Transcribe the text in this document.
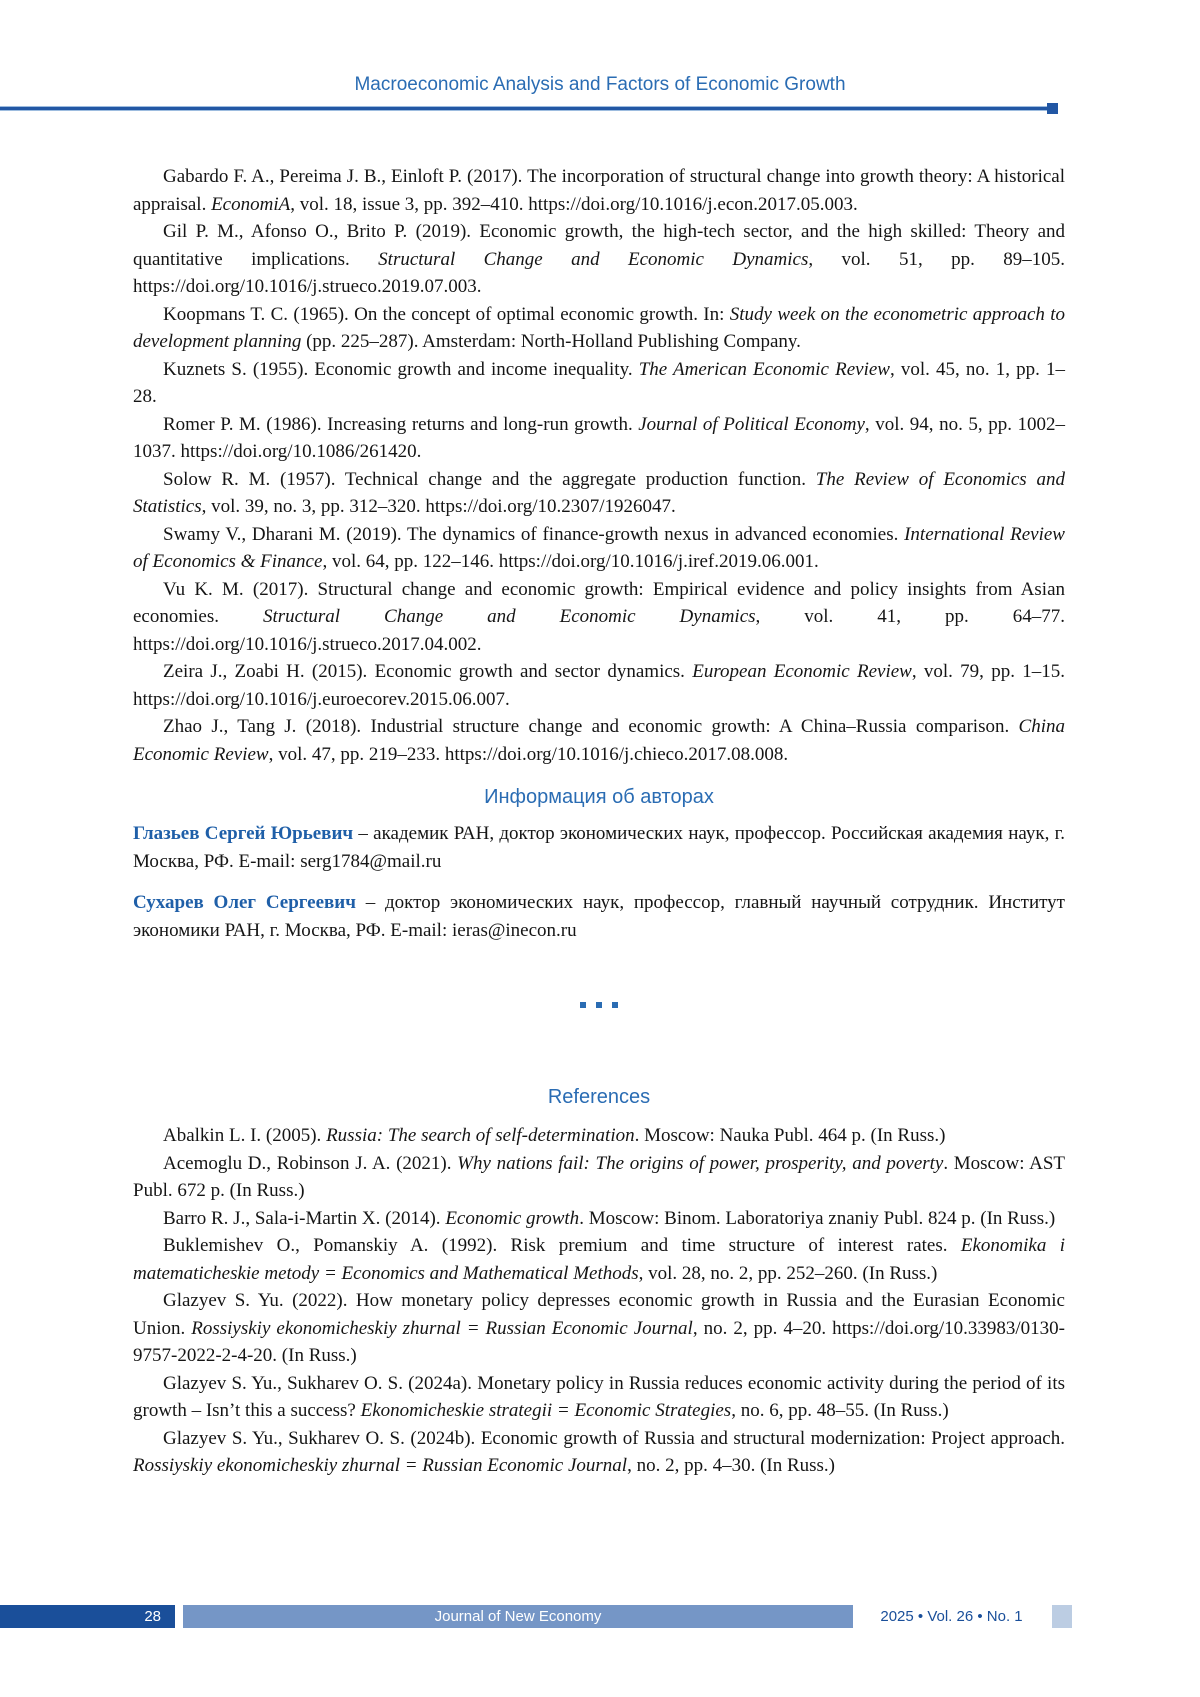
Macroeconomic Analysis and Factors of Economic Growth

Gabardo F. A., Pereima J. B., Einloft P. (2017). The incorporation of structural change into growth theory: A historical appraisal. EconomiA, vol. 18, issue 3, pp. 392–410. https://doi.org/10.1016/j.econ.2017.05.003.

Gil P. M., Afonso O., Brito P. (2019). Economic growth, the high-tech sector, and the high skilled: Theory and quantitative implications. Structural Change and Economic Dynamics, vol. 51, pp. 89–105. https://doi.org/10.1016/j.strueco.2019.07.003.

Koopmans T. C. (1965). On the concept of optimal economic growth. In: Study week on the econometric approach to development planning (pp. 225–287). Amsterdam: North-Holland Publishing Company.

Kuznets S. (1955). Economic growth and income inequality. The American Economic Review, vol. 45, no. 1, pp. 1–28.

Romer P. M. (1986). Increasing returns and long-run growth. Journal of Political Economy, vol. 94, no. 5, pp. 1002–1037. https://doi.org/10.1086/261420.

Solow R. M. (1957). Technical change and the aggregate production function. The Review of Economics and Statistics, vol. 39, no. 3, pp. 312–320. https://doi.org/10.2307/1926047.

Swamy V., Dharani M. (2019). The dynamics of finance-growth nexus in advanced economies. International Review of Economics & Finance, vol. 64, pp. 122–146. https://doi.org/10.1016/j.iref.2019.06.001.

Vu K. M. (2017). Structural change and economic growth: Empirical evidence and policy insights from Asian economies. Structural Change and Economic Dynamics, vol. 41, pp. 64–77. https://doi.org/10.1016/j.strueco.2017.04.002.

Zeira J., Zoabi H. (2015). Economic growth and sector dynamics. European Economic Review, vol. 79, pp. 1–15. https://doi.org/10.1016/j.euroecorev.2015.06.007.

Zhao J., Tang J. (2018). Industrial structure change and economic growth: A China–Russia comparison. China Economic Review, vol. 47, pp. 219–233. https://doi.org/10.1016/j.chieco.2017.08.008.

Информация об авторах

Глазьев Сергей Юрьевич – академик РАН, доктор экономических наук, профессор. Российская академия наук, г. Москва, РФ. E-mail: serg1784@mail.ru

Сухарев Олег Сергеевич – доктор экономических наук, профессор, главный научный сотрудник. Институт экономики РАН, г. Москва, РФ. E-mail: ieras@inecon.ru

References

Abalkin L. I. (2005). Russia: The search of self-determination. Moscow: Nauka Publ. 464 p. (In Russ.)

Acemoglu D., Robinson J. A. (2021). Why nations fail: The origins of power, prosperity, and poverty. Moscow: AST Publ. 672 p. (In Russ.)

Barro R. J., Sala-i-Martin X. (2014). Economic growth. Moscow: Binom. Laboratoriya znaniy Publ. 824 p. (In Russ.)

Buklemishev O., Pomanskiy A. (1992). Risk premium and time structure of interest rates. Ekonomika i matematicheskie metody = Economics and Mathematical Methods, vol. 28, no. 2, pp. 252–260. (In Russ.)

Glazyev S. Yu. (2022). How monetary policy depresses economic growth in Russia and the Eurasian Economic Union. Rossiyskiy ekonomicheskiy zhurnal = Russian Economic Journal, no. 2, pp. 4–20. https://doi.org/10.33983/0130-9757-2022-2-4-20. (In Russ.)

Glazyev S. Yu., Sukharev O. S. (2024a). Monetary policy in Russia reduces economic activity during the period of its growth – Isn’t this a success? Ekonomicheskie strategii = Economic Strategies, no. 6, pp. 48–55. (In Russ.)

Glazyev S. Yu., Sukharev O. S. (2024b). Economic growth of Russia and structural modernization: Project approach. Rossiyskiy ekonomicheskiy zhurnal = Russian Economic Journal, no. 2, pp. 4–30. (In Russ.)

28	Journal of New Economy	2025 • Vol. 26 • No. 1
